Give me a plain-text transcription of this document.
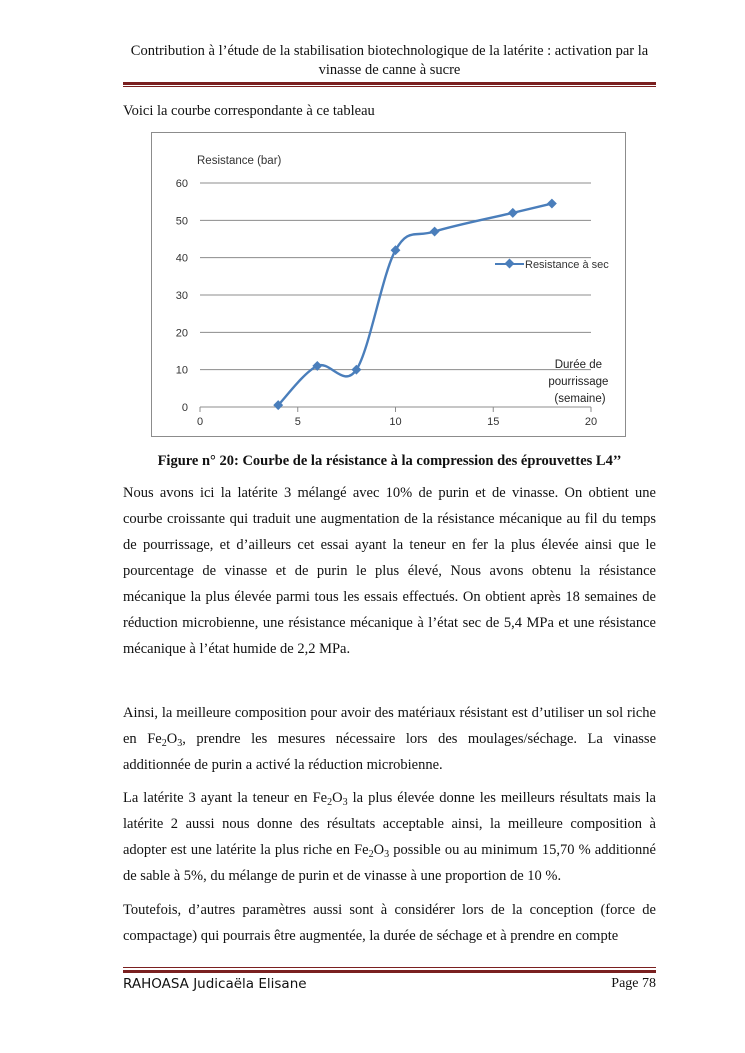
Contribution à l’étude de la stabilisation biotechnologique de la latérite : activation par la vinasse de canne à sucre
Voici la courbe correspondante à ce tableau
Resistance (bar)
0
10
20
30
40
50
60
0	5	10	15	20
Resistance à sec
Durée de pourrissage (semaine)
Figure n° 20: Courbe de la résistance à la compression des éprouvettes L4’’

Nous avons ici la latérite 3 mélangé avec 10% de purin et de vinasse. On obtient une courbe croissante qui traduit une augmentation de la résistance mécanique au fil du temps de pourrissage, et d’ailleurs cet essai ayant la teneur en fer la plus élevée ainsi que le pourcentage de vinasse et de purin le plus élevé, Nous avons obtenu la résistance mécanique la plus élevée parmi tous les essais effectués. On obtient après 18 semaines de réduction microbienne, une résistance mécanique à l’état sec de 5,4 MPa et une résistance mécanique à l’état humide de 2,2 MPa.

Ainsi, la meilleure composition pour avoir des matériaux résistant est d’utiliser un sol riche en $Fe_2O_3$, prendre les mesures nécessaire lors des moulages/séchage. La vinasse additionnée de purin a activé la réduction microbienne.

La latérite 3 ayant la teneur en $Fe_2O_3$ la plus élevée donne les meilleurs résultats mais la latérite 2 aussi nous donne des résultats acceptable ainsi, la meilleure composition à adopter est une latérite la plus riche en $Fe_2O_3$ possible ou au minimum 15,70 % additionné de sable à 5%, du mélange de purin et de vinasse à une proportion de 10 %.

Toutefois, d’autres paramètres aussi sont à considérer lors de la conception (force de compactage) qui pourrais être augmentée, la durée de séchage et à prendre en compte

RAHOASA Judicaëla Elisane	Page 78
